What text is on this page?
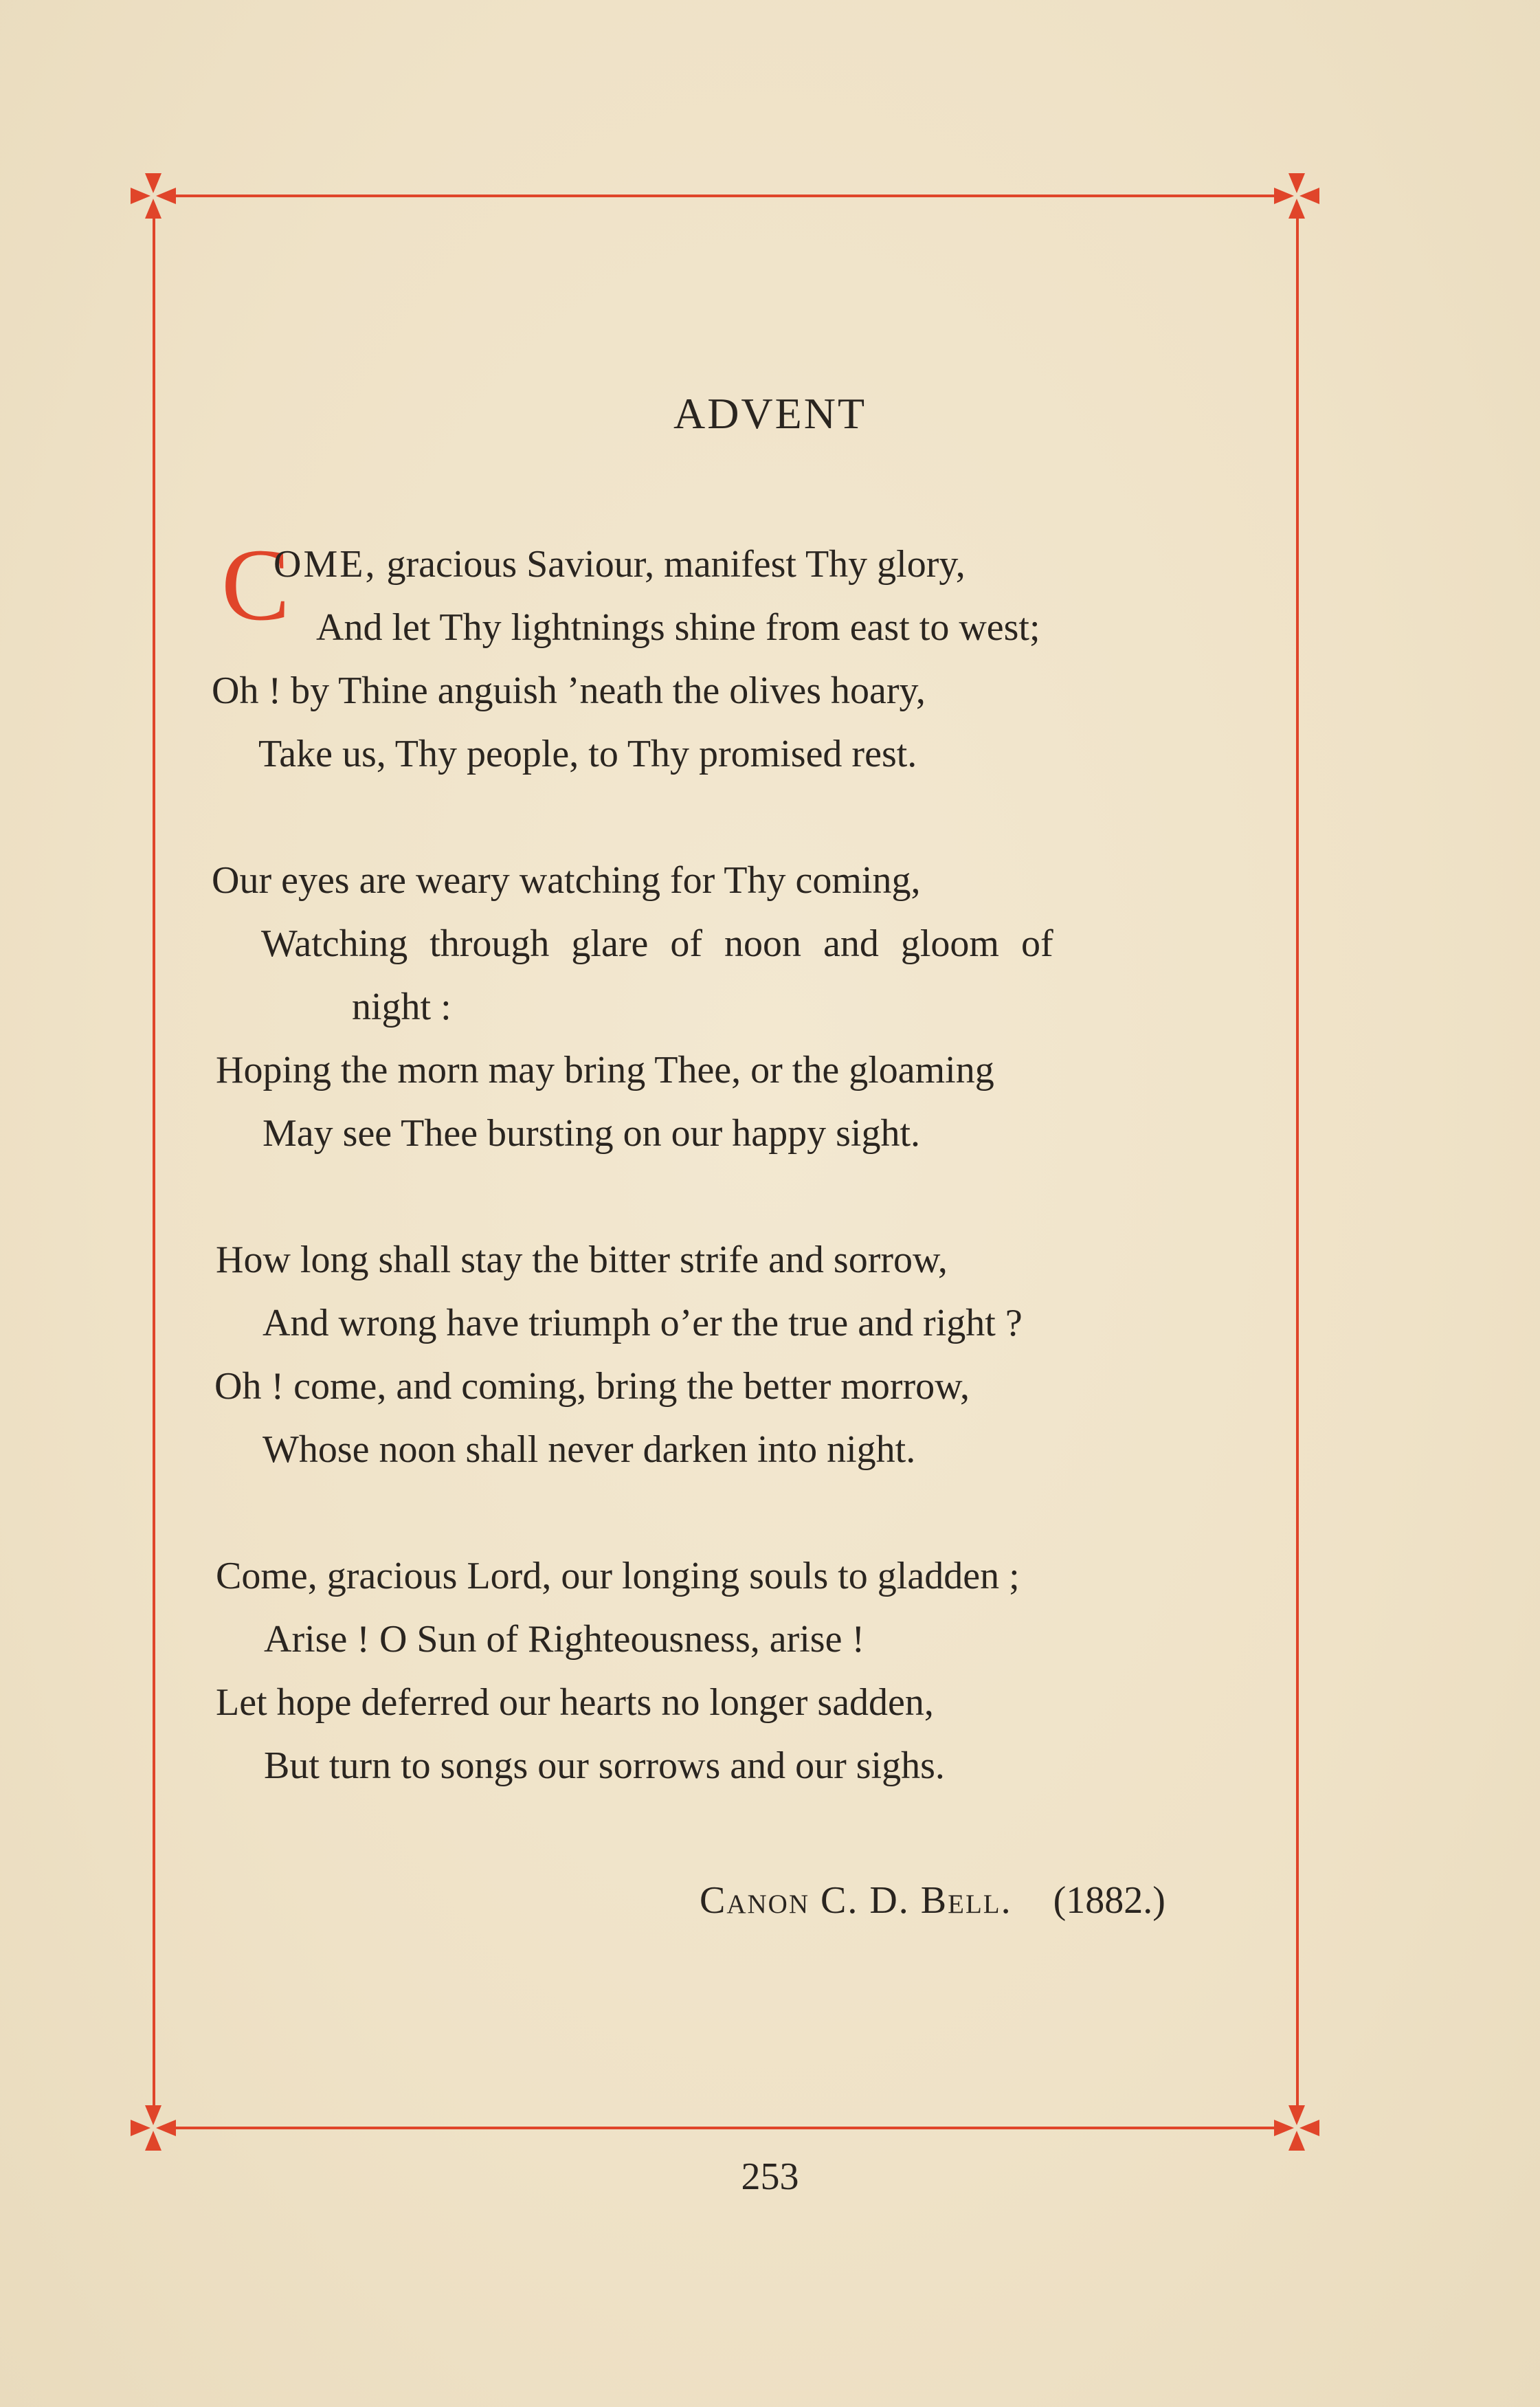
ADVENT
C
OME, gracious Saviour, manifest Thy glory,
And let Thy lightnings shine from east to west;
Oh ! by Thine anguish ’neath the olives hoary,
Take us, Thy people, to Thy promised rest.
Our eyes are weary watching for Thy coming,
Watching through glare of noon and gloom of
night :
Hoping the morn may bring Thee, or the gloaming
May see Thee bursting on our happy sight.
How long shall stay the bitter strife and sorrow,
And wrong have triumph o’er the true and right ?
Oh ! come, and coming, bring the better morrow,
Whose noon shall never darken into night.
Come, gracious Lord, our longing souls to gladden ;
Arise ! O Sun of Righteousness, arise !
Let hope deferred our hearts no longer sadden,
But turn to songs our sorrows and our sighs.
Canon C. D. Bell. (1882.)
253
